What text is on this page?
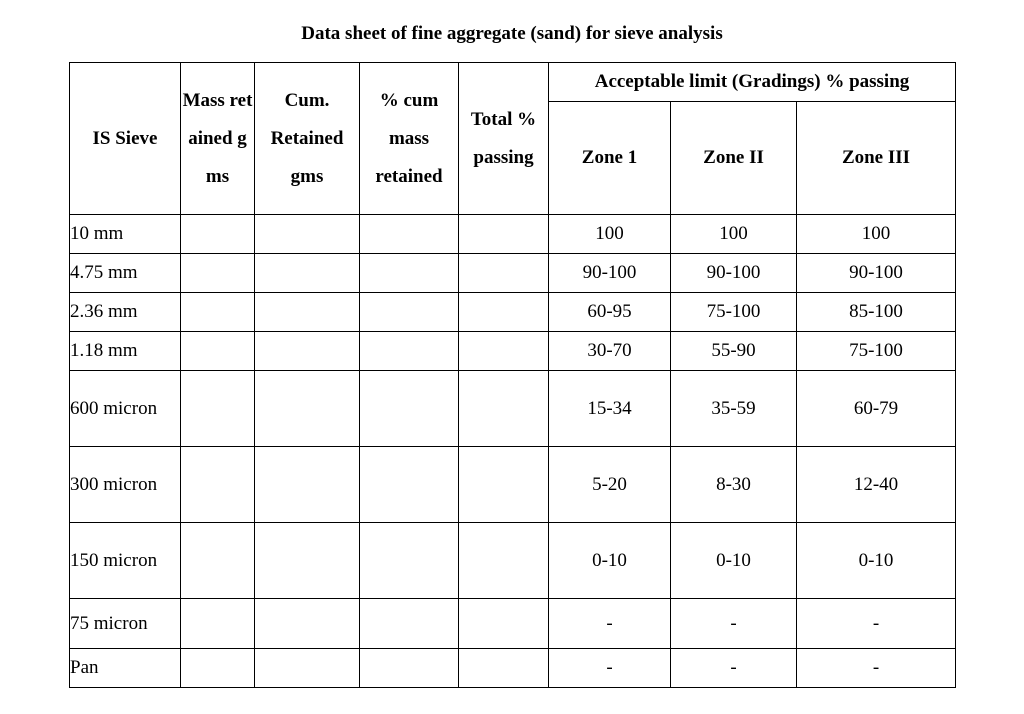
Data sheet of fine aggregate (sand) for sieve analysis
IS Sieve	Mass retained gms	Cum. Retained gms	% cum mass retained	Total % passing	Acceptable limit (Gradings) % passing		
					Zone 1	Zone II	Zone III
10 mm					100	100	100
4.75 mm					90-100	90-100	90-100
2.36 mm					60-95	75-100	85-100
1.18 mm					30-70	55-90	75-100
600 micron					15-34	35-59	60-79
300 micron					5-20	8-30	12-40
150 micron					0-10	0-10	0-10
75 micron					-	-	-
Pan					-	-	-
